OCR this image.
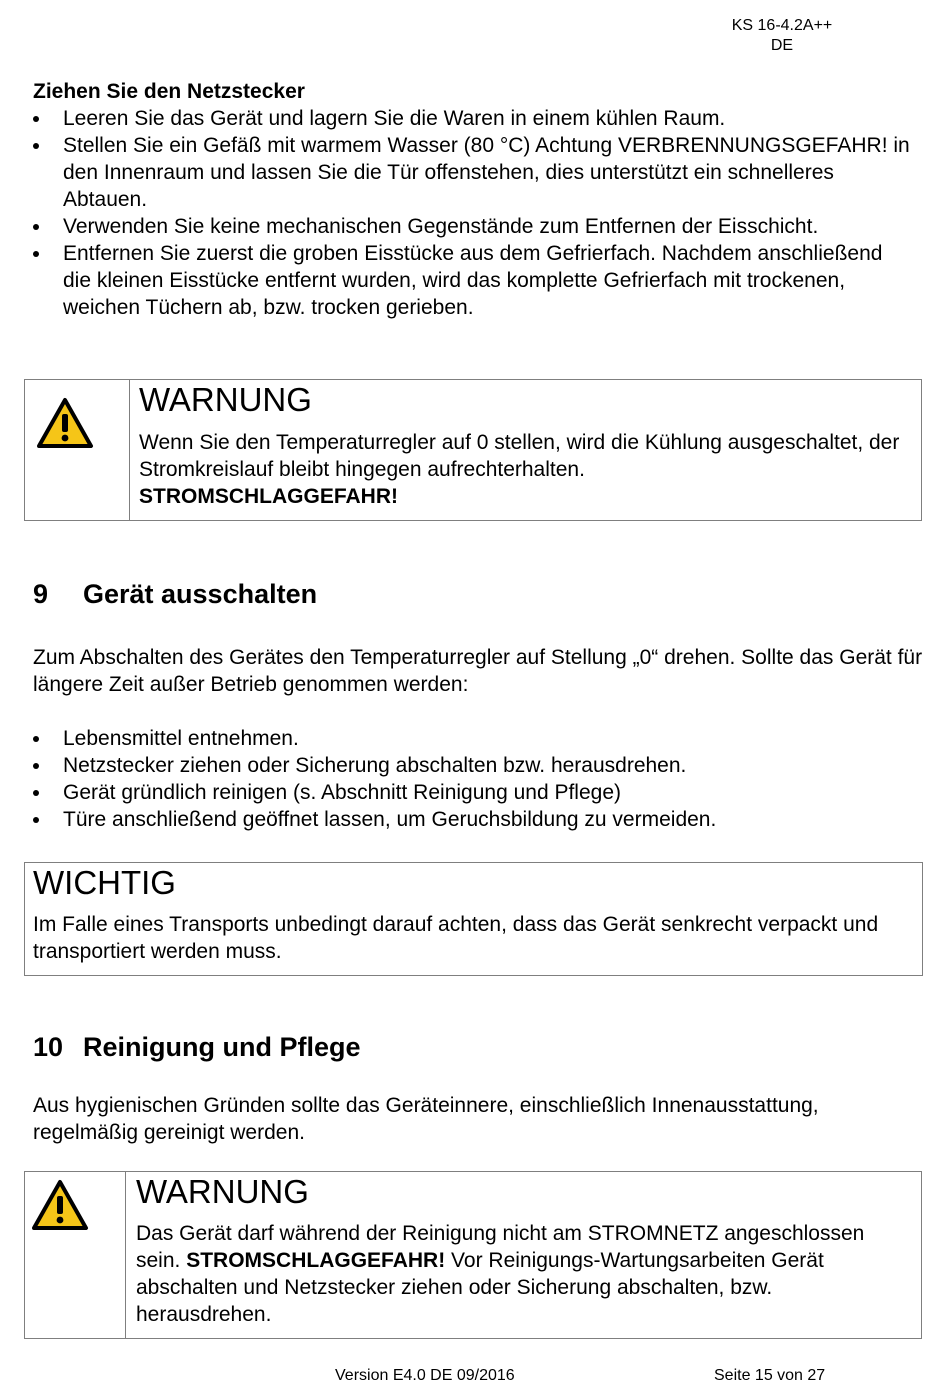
KS 16-4.2A++
DE
Ziehen Sie den Netzstecker
Leeren Sie das Gerät und lagern Sie die Waren in einem kühlen Raum.
Stellen Sie ein Gefäß mit warmem Wasser (80 °C) Achtung VERBRENNUNGSGEFAHR! in den Innenraum und lassen Sie die Tür offenstehen, dies unterstützt ein schnelleres Abtauen.
Verwenden Sie keine mechanischen Gegenstände zum Entfernen der Eisschicht.
Entfernen Sie zuerst die groben Eisstücke aus dem Gefrierfach. Nachdem anschließend die kleinen Eisstücke entfernt wurden, wird das komplette Gefrierfach mit trockenen, weichen Tüchern ab, bzw. trocken gerieben.
WARNUNG
Wenn Sie den Temperaturregler auf 0 stellen, wird die Kühlung ausgeschaltet, der Stromkreislauf bleibt hingegen aufrechterhalten.
STROMSCHLAGGEFAHR!
9 Gerät ausschalten
Zum Abschalten des Gerätes den Temperaturregler auf Stellung „0“ drehen. Sollte das Gerät für längere Zeit außer Betrieb genommen werden:
Lebensmittel entnehmen.
Netzstecker ziehen oder Sicherung abschalten bzw. herausdrehen.
Gerät gründlich reinigen (s. Abschnitt Reinigung und Pflege)
Türe anschließend geöffnet lassen, um Geruchsbildung zu vermeiden.
WICHTIG
Im Falle eines Transports unbedingt darauf achten, dass das Gerät senkrecht verpackt und transportiert werden muss.
10 Reinigung und Pflege
Aus hygienischen Gründen sollte das Geräteinnere, einschließlich Innenausstattung, regelmäßig gereinigt werden.
WARNUNG
Das Gerät darf während der Reinigung nicht am STROMNETZ angeschlossen sein. STROMSCHLAGGEFAHR! Vor Reinigungs-Wartungsarbeiten Gerät abschalten und Netzstecker ziehen oder Sicherung abschalten, bzw. herausdrehen.
Version E4.0 DE 09/2016	Seite 15 von 27
